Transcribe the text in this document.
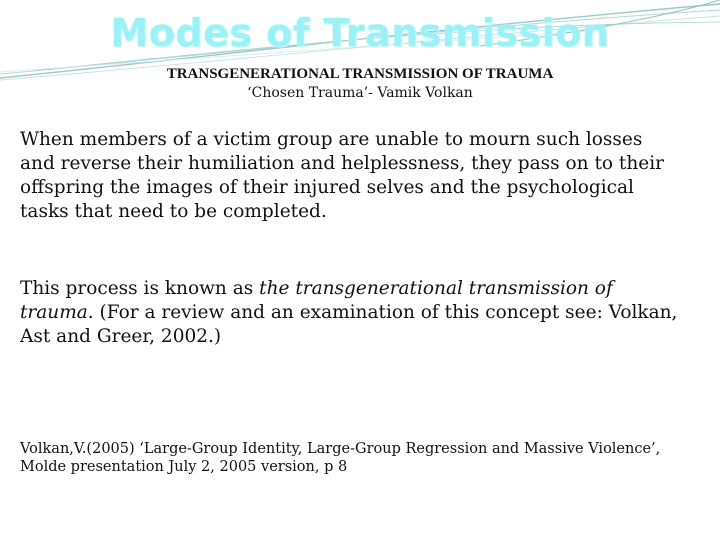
Modes of Transmission
TRANSGENERATIONAL TRANSMISSION OF TRAUMA
‘Chosen Trauma’- Vamik Volkan

When members of a victim group are unable to mourn such losses and reverse their humiliation and helplessness, they pass on to their offspring the images of their injured selves and the psychological tasks that need to be completed.

This process is known as the transgenerational transmission of trauma. (For a review and an examination of this concept see: Volkan, Ast and Greer, 2002.)

Volkan,V.(2005) ‘Large-Group Identity, Large-Group Regression and Massive Violence’, Molde presentation July 2, 2005 version, p 8
